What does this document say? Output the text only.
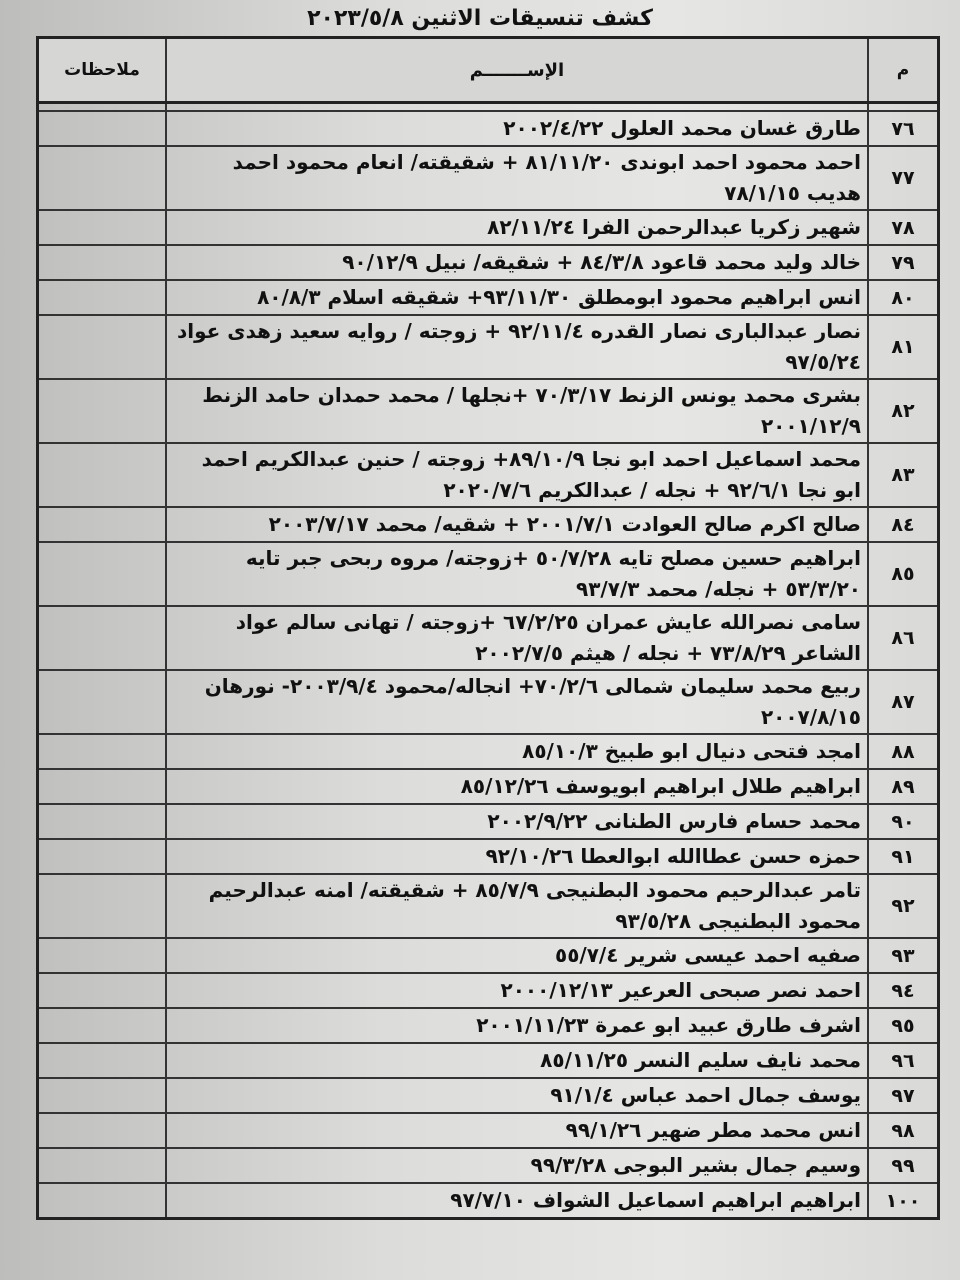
كشف تنسيقات الاثنين ٢٠٢٣/٥/٨
م	الإســـــــم	ملاحظات

٧٦	طارق غسان محمد العلول ٢٠٠٢/٤/٢٢	
٧٧	احمد محمود احمد ابوندى ٨١/١١/٢٠ + شقيقته/ انعام محمود احمد هديب ٧٨/١/١٥	
٧٨	شهير زكريا عبدالرحمن الفرا ٨٢/١١/٢٤	
٧٩	خالد وليد محمد قاعود ٨٤/٣/٨ + شقيقه/ نبيل ٩٠/١٢/٩	
٨٠	انس ابراهيم محمود ابومطلق ٩٣/١١/٣٠+ شقيقه اسلام ٨٠/٨/٣	
٨١	نصار عبدالبارى نصار القدره ٩٢/١١/٤ + زوجته / روايه سعيد زهدى عواد ٩٧/٥/٢٤	
٨٢	بشرى محمد يونس الزنط ٧٠/٣/١٧ +نجلها / محمد حمدان حامد الزنط ٢٠٠١/١٢/٩	
٨٣	محمد اسماعيل احمد ابو نجا ٨٩/١٠/٩+ زوجته / حنين عبدالكريم احمد ابو نجا ٩٢/٦/١ + نجله / عبدالكريم ٢٠٢٠/٧/٦	
٨٤	صالح اكرم صالح العوادت ٢٠٠١/٧/١ + شقيه/ محمد ٢٠٠٣/٧/١٧	
٨٥	ابراهيم حسين مصلح تايه ٥٠/٧/٢٨ +زوجته/ مروه ربحى جبر تايه ٥٣/٣/٢٠ + نجله/ محمد ٩٣/٧/٣	
٨٦	سامى نصرالله عايش عمران ٦٧/٢/٢٥ +زوجته / تهانى سالم عواد الشاعر ٧٣/٨/٢٩ + نجله / هيثم ٢٠٠٢/٧/٥	
٨٧	ربيع محمد سليمان شمالى ٧٠/٢/٦+ انجاله/محمود ٢٠٠٣/٩/٤- نورهان ٢٠٠٧/٨/١٥	
٨٨	امجد فتحى دنيال ابو طبيخ ٨٥/١٠/٣	
٨٩	ابراهيم طلال ابراهيم ابويوسف ٨٥/١٢/٢٦	
٩٠	محمد حسام فارس الطنانى ٢٠٠٢/٩/٢٢	
٩١	حمزه حسن عطاالله ابوالعطا ٩٢/١٠/٢٦	
٩٢	تامر عبدالرحيم محمود البطنيجى ٨٥/٧/٩ + شقيقته/ امنه عبدالرحيم محمود البطنيجى ٩٣/٥/٢٨	
٩٣	صفيه احمد عيسى شرير ٥٥/٧/٤	
٩٤	احمد نصر صبحى العرعير ٢٠٠٠/١٢/١٣	
٩٥	اشرف طارق عبيد ابو عمرة ٢٠٠١/١١/٢٣	
٩٦	محمد نايف سليم النسر ٨٥/١١/٢٥	
٩٧	يوسف جمال احمد عباس ٩١/١/٤	
٩٨	انس محمد مطر ضهير ٩٩/١/٢٦	
٩٩	وسيم جمال بشير البوجى ٩٩/٣/٢٨	
١٠٠	ابراهيم ابراهيم اسماعيل الشواف ٩٧/٧/١٠	
